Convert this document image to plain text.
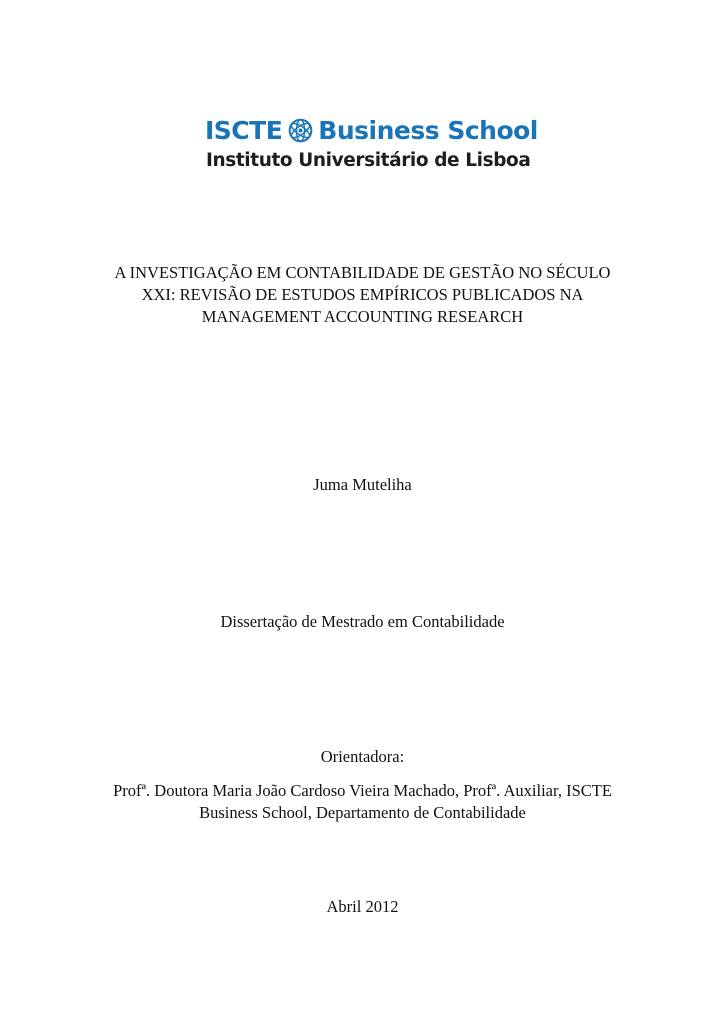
ISCTE Business School
Instituto Universitário de Lisboa
A INVESTIGAÇÃO EM CONTABILIDADE DE GESTÃO NO SÉCULO
XXI: REVISÃO DE ESTUDOS EMPÍRICOS PUBLICADOS NA
MANAGEMENT ACCOUNTING RESEARCH
Juma Muteliha
Dissertação de Mestrado em Contabilidade
Orientadora:
Profª. Doutora Maria João Cardoso Vieira Machado, Profª. Auxiliar, ISCTE
Business School, Departamento de Contabilidade
Abril 2012
